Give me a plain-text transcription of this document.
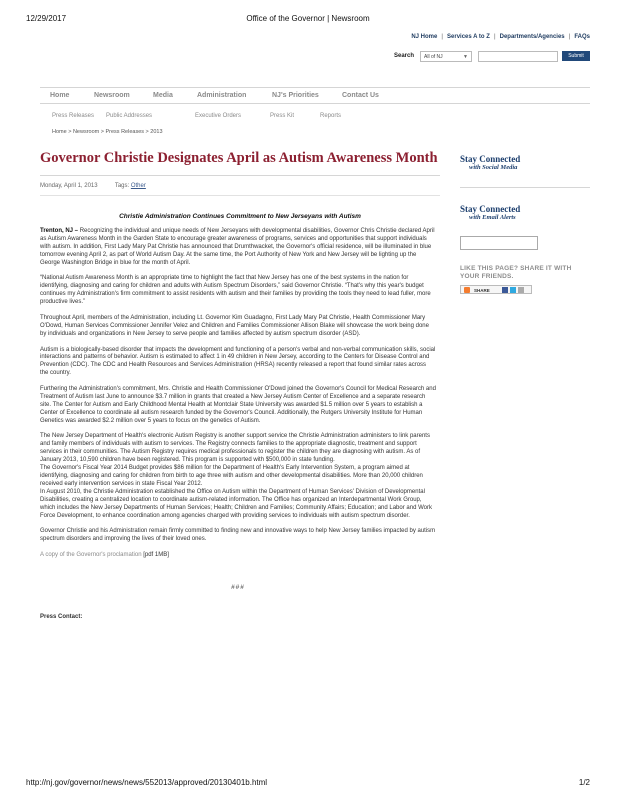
12/29/2017	Office of the Governor | Newsroom
NJ Home | Services A to Z | Departments/Agencies | FAQs
Search	All of NJ	▼	Submit
Home	Newsroom	Media	Administration	NJ's Priorities	Contact Us
Press Releases Public Addresses	Executive Orders	Press Kit	Reports
Home > Newsroom > Press Releases > 2013
Governor Christie Designates April as Autism Awareness Month
Monday, April 1, 2013	Tags: Other
Christie Administration Continues Commitment to New Jerseyans with Autism

Trenton, NJ – Recognizing the individual and unique needs of New Jerseyans with developmental disabilities, Governor Chris Christie declared April as Autism Awareness Month in the Garden State to encourage greater awareness of programs, services and opportunities that support individuals with autism. In addition, First Lady Mary Pat Christie has announced that Drumthwacket, the Governor's official residence, will be illuminated in blue tomorrow evening April 2, as part of World Autism Day. At the same time, the Port Authority of New York and New Jersey will be lighting up the George Washington Bridge in blue for the month of April.

“National Autism Awareness Month is an appropriate time to highlight the fact that New Jersey has one of the best systems in the nation for identifying, diagnosing and caring for children and adults with Autism Spectrum Disorders,” said Governor Christie. “That's why this year's budget continues my Administration's firm commitment to assist residents with autism and their families by providing the tools they need to lead fuller, more productive lives.”

Throughout April, members of the Administration, including Lt. Governor Kim Guadagno, First Lady Mary Pat Christie, Health Commissioner Mary O'Dowd, Human Services Commissioner Jennifer Velez and Children and Families Commissioner Allison Blake will showcase the work being done by individuals and organizations in New Jersey to serve people and families affected by autism spectrum disorder (ASD).

Autism is a biologically-based disorder that impacts the development and functioning of a person's verbal and non-verbal communication skills, social interactions and patterns of behavior. Autism is estimated to affect 1 in 49 children in New Jersey, according to the Centers for Disease Control and Prevention (CDC). The CDC and Health Resources and Services Administration (HRSA) recently released a report that found similar rates across the country.

Furthering the Administration's commitment, Mrs. Christie and Health Commissioner O'Dowd joined the Governor's Council for Medical Research and Treatment of Autism last June to announce $3.7 million in grants that created a New Jersey Autism Center of Excellence and a separate research site. The Center for Autism and Early Childhood Mental Health at Montclair State University was awarded $1.5 million over 5 years to establish a Center of Excellence to coordinate all autism research funded by the Governor's Council. Additionally, the Rutgers University Institute for Human Genetics was awarded $2.2 million over 5 years to focus on the genetics of Autism.

The New Jersey Department of Health's electronic Autism Registry is another support service the Christie Administration administers to link parents and family members of individuals with autism to services. The Registry connects families to the appropriate diagnostic, treatment and support services in their communities. The Autism Registry requires medical professionals to register the children they are diagnosing with autism. As of January 2013, 10,590 children have been registered. This program is supported with $500,000 in state funding.

The Governor's Fiscal Year 2014 Budget provides $86 million for the Department of Health's Early Intervention System, a program aimed at identifying, diagnosing and caring for children from birth to age three with autism and other developmental disabilities. More than 20,000 children received early intervention services in state Fiscal Year 2012.

In August 2010, the Christie Administration established the Office on Autism within the Department of Human Services' Division of Developmental Disabilities, creating a centralized location to coordinate autism-related information. The Office has organized an Interdepartmental Work Group, which includes the New Jersey Departments of Human Services; Health; Children and Families; Community Affairs; Education; and Labor and Work Force Development, to enhance coordination among agencies charged with providing services to individuals with autism spectrum disorder.

Governor Christie and his Administration remain firmly committed to finding new and innovative ways to help New Jersey families impacted by autism spectrum disorders and improving the lives of their loved ones.

A copy of the Governor's proclamation [pdf 1MB]

###
Press Contact:
Stay Connected
with Social Media
Stay Connected
with Email Alerts
LIKE THIS PAGE? SHARE IT WITH YOUR FRIENDS.
SHARE
http://nj.gov/governor/news/news/552013/approved/20130401b.html	1/2
